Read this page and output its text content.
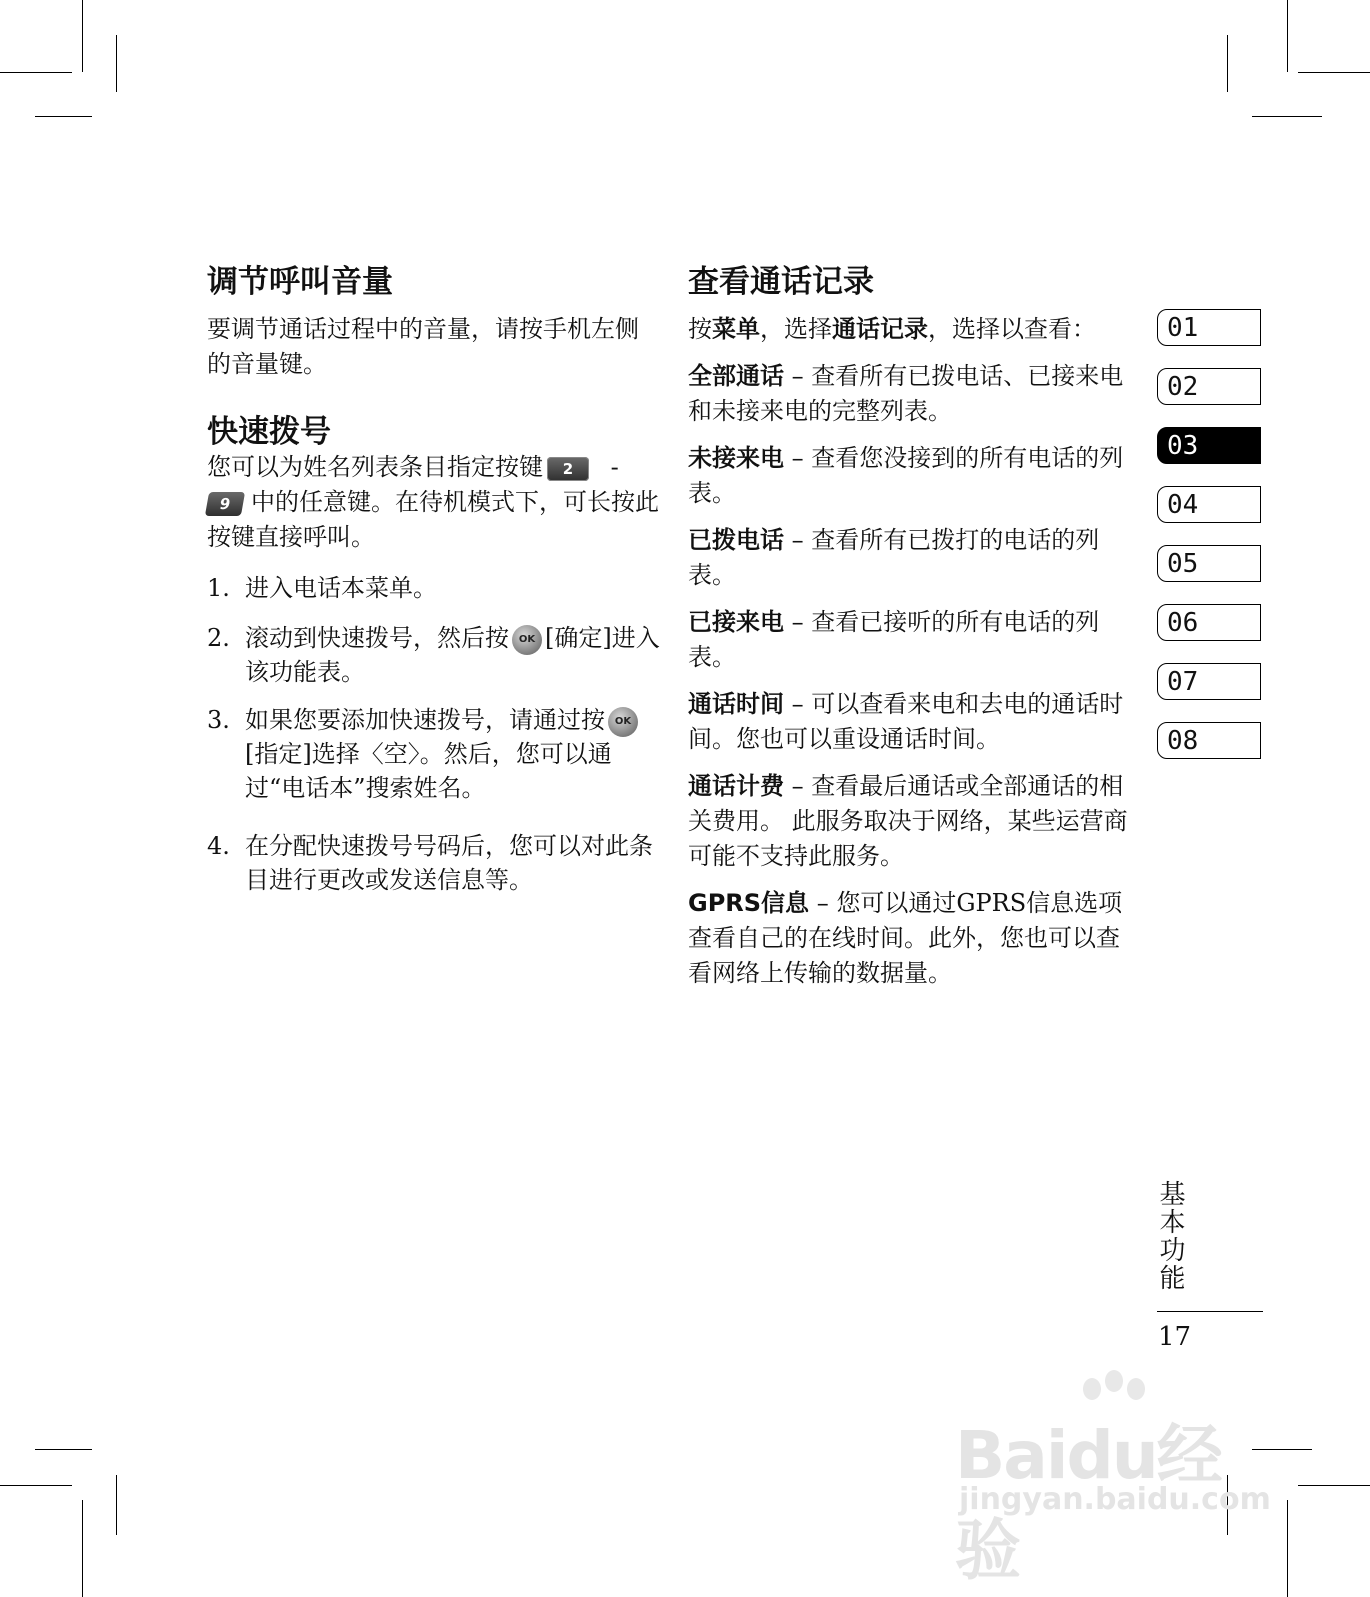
调节呼叫音量

要调节通话过程中的音量，请按手机左侧的音量键。

快速拨号

您可以为姓名列表条目指定按键 2 -
9 中的任意键。在待机模式下，可长按此按键直接呼叫。

1. 进入电话本菜单。
2. 滚动到快速拨号，然后按 OK [确定]进入该功能表。
3. 如果您要添加快速拨号，请通过按 OK[指定]选择〈空〉。然后，您可以通过“电话本”搜索姓名。
4. 在分配快速拨号号码后，您可以对此条目进行更改或发送信息等。
查看通话记录

按菜单，选择通话记录，选择以查看：

全部通话 – 查看所有已拨电话、已接来电和未接来电的完整列表。

未接来电 – 查看您没接到的所有电话的列表。

已拨电话 – 查看所有已拨打的电话的列表。

已接来电 – 查看已接听的所有电话的列表。

通话时间 – 可以查看来电和去电的通话时间。您也可以重设通话时间。

通话计费 – 查看最后通话或全部通话的相关费用。 此服务取决于网络，某些运营商可能不支持此服务。

GPRS信息 – 您可以通过GPRS信息选项查看自己的在线时间。此外，您也可以查看网络上传输的数据量。

01
02
03
04
05
06
07
08
基本功能
17
Baidu经验
jingyan.baidu.com
